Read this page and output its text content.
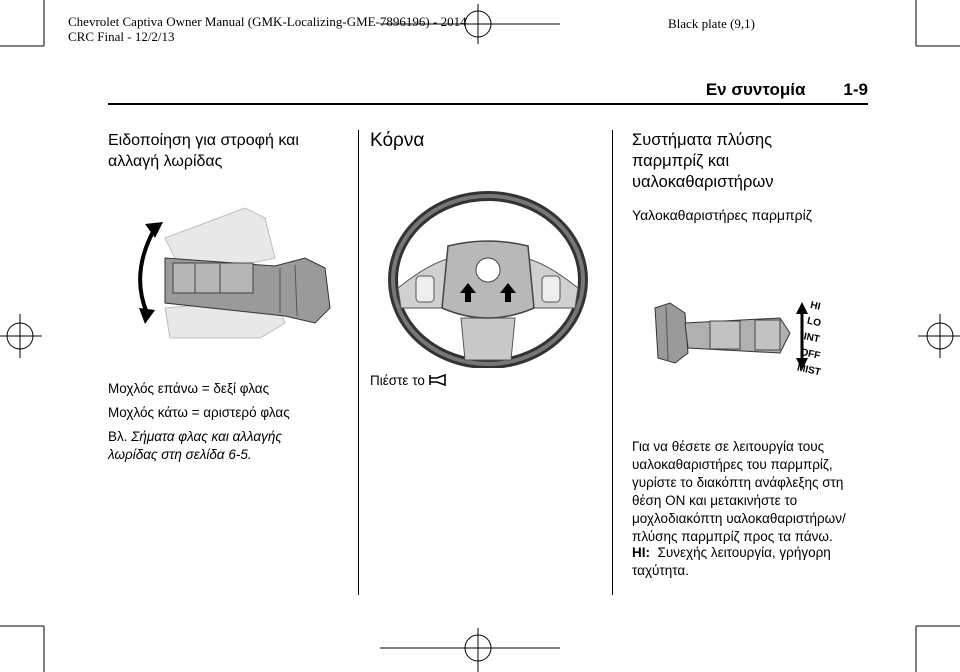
Chevrolet Captiva Owner Manual (GMK-Localizing-GME-7896196) - 2014
CRC Final - 12/2/13
Black plate (9,1)
Εν συντομία 1-9
Ειδοποίηση για στροφή και
αλλαγή λωρίδας
Μοχλός επάνω = δεξί φλας
Μοχλός κάτω = αριστερό φλας
Βλ. Σήματα φλας και αλλαγής
λωρίδας στη σελίδα 6-5.
Κόρνα
Πιέστε το
Συστήματα πλύσης
παρμπρίζ και
υαλοκαθαριστήρων
Υαλοκαθαριστήρες παρμπρίζ
HI
LO
INT
OFF
MIST
Για να θέσετε σε λειτουργία τους
υαλοκαθαριστήρες του παρμπρίζ,
γυρίστε το διακόπτη ανάφλεξης στη
θέση ON και μετακινήστε το
μοχλοδιακόπτη υαλοκαθαριστήρων/
πλύσης παρμπρίζ προς τα πάνω.
HI: Συνεχής λειτουργία, γρήγορη
ταχύτητα.
